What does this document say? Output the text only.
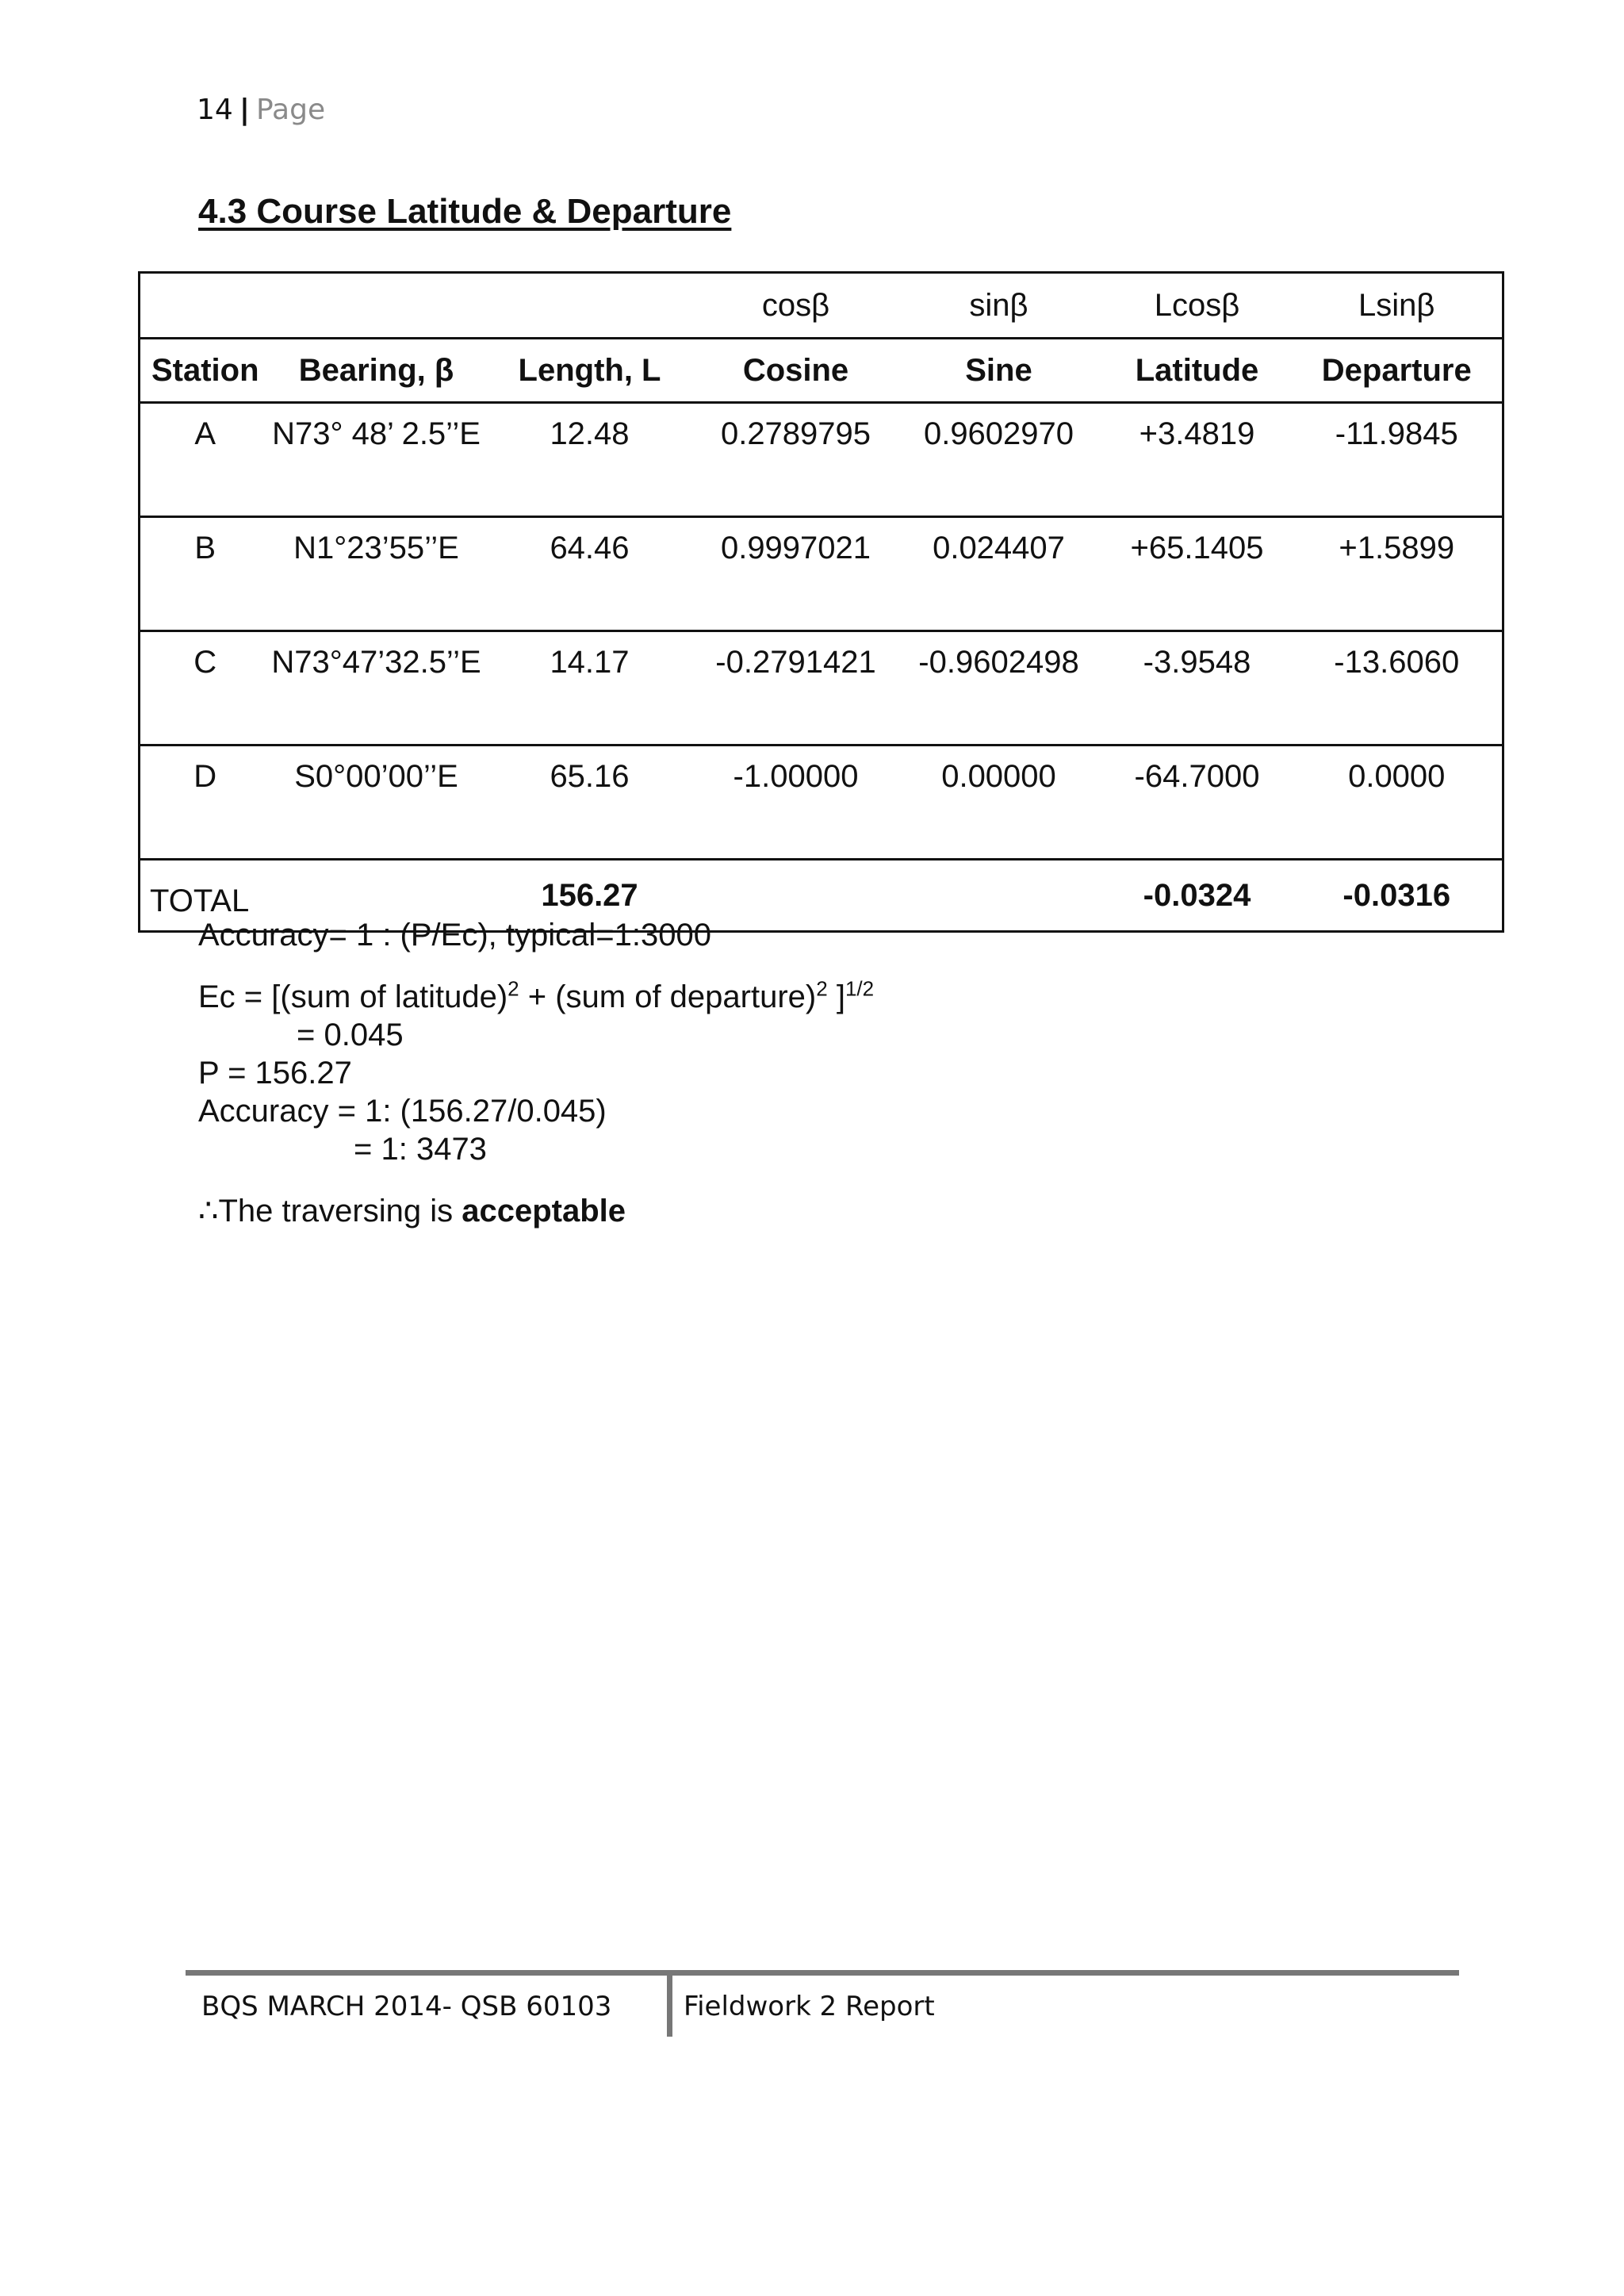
14 | Page
4.3 Course Latitude & Departure
			cosβ	sinβ	Lcosβ	Lsinβ
Station	Bearing, β	Length, L	Cosine	Sine	Latitude	Departure
A	N73° 48’ 2.5’’E	12.48	0.2789795	0.9602970	+3.4819	-11.9845
B	N1°23’55’’E	64.46	0.9997021	0.024407	+65.1405	+1.5899
C	N73°47’32.5’’E	14.17	-0.2791421	-0.9602498	-3.9548	-13.6060
D	S0°00’00’’E	65.16	-1.00000	0.00000	-64.7000	0.0000
TOTAL		156.27			-0.0324	-0.0316
Accuracy= 1 : (P/Ec), typical=1:3000
Ec = [(sum of latitude)$^2$ + (sum of departure)$^2$ ]$^{1/2}$
= 0.045
P = 156.27
Accuracy = 1: (156.27/0.045)
= 1: 3473
∴The traversing is acceptable
BQS MARCH 2014- QSB 60103	Fieldwork 2 Report
